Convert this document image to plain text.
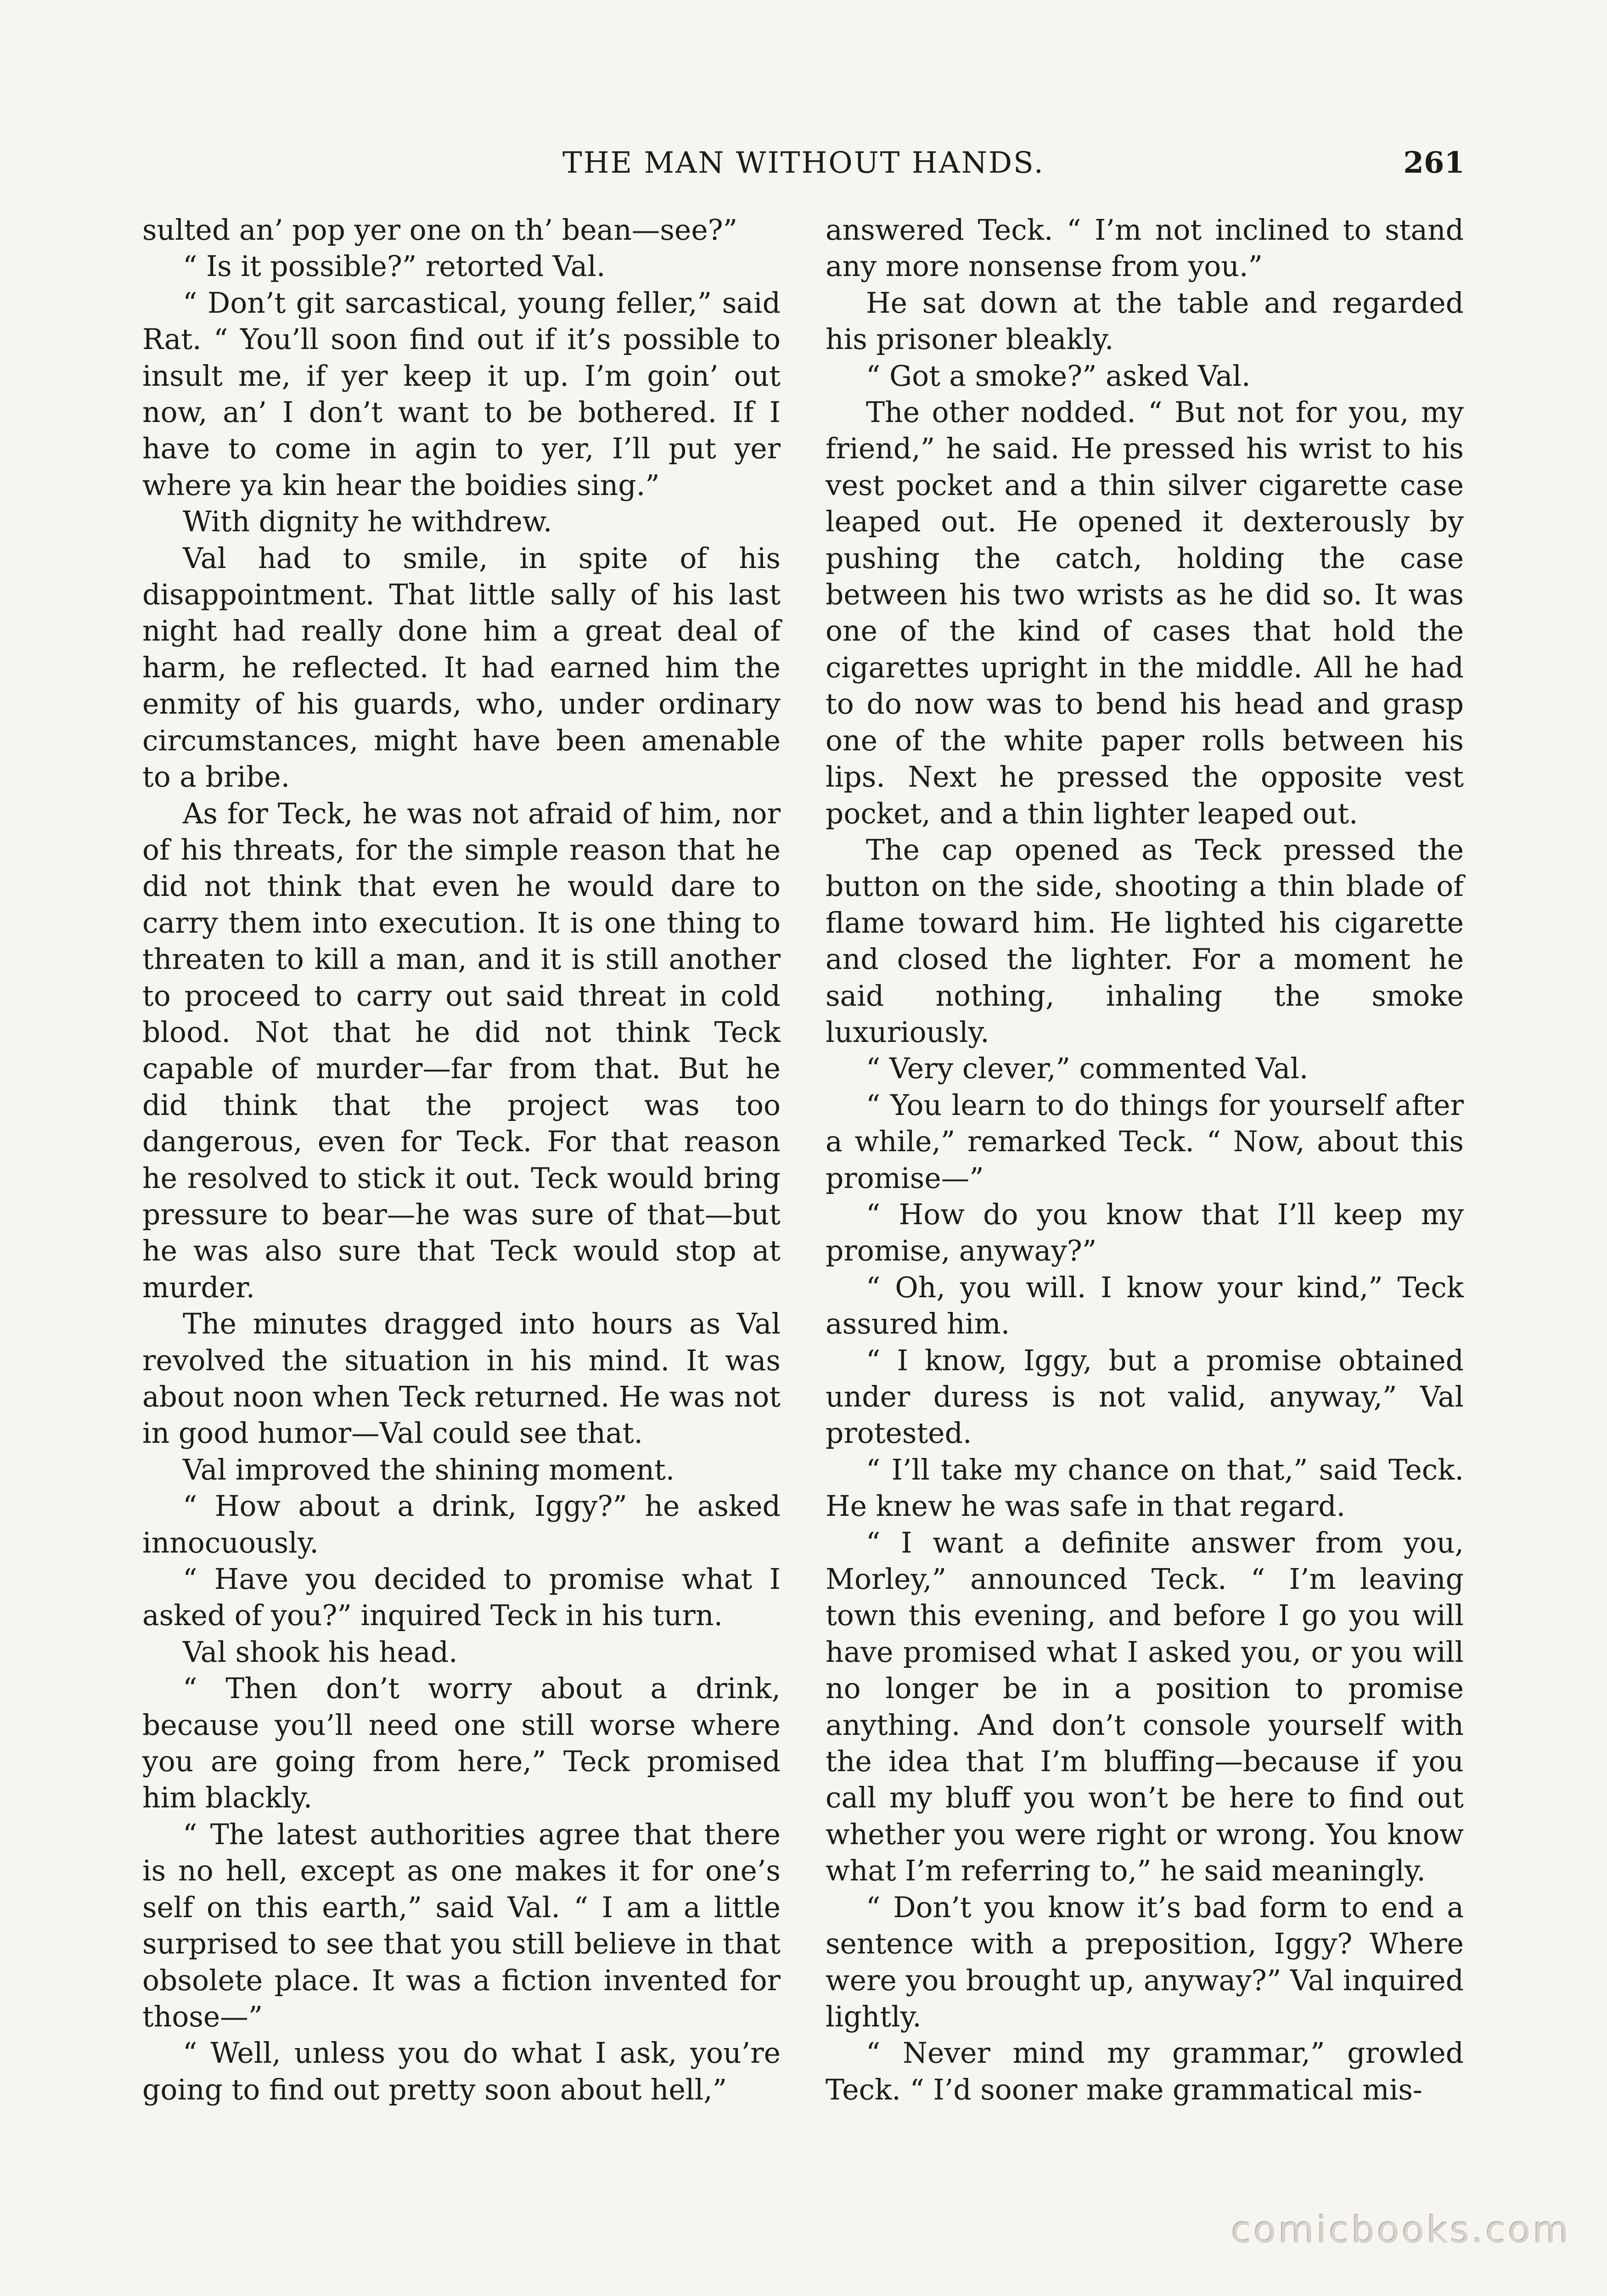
THE MAN WITHOUT HANDS.	261

sulted an’ pop yer one on th’ bean—see?”

“ Is it possible?” retorted Val.

“ Don’t git sarcastical, young feller,” said Rat. “ You’ll soon find out if it’s possible to insult me, if yer keep it up. I’m goin’ out now, an’ I don’t want to be bothered. If I have to come in agin to yer, I’ll put yer where ya kin hear the boidies sing.”

With dignity he withdrew.

Val had to smile, in spite of his disappointment. That little sally of his last night had really done him a great deal of harm, he reflected. It had earned him the enmity of his guards, who, under ordinary circumstances, might have been amenable to a bribe.

As for Teck, he was not afraid of him, nor of his threats, for the simple reason that he did not think that even he would dare to carry them into execution. It is one thing to threaten to kill a man, and it is still another to proceed to carry out said threat in cold blood. Not that he did not think Teck capable of murder—far from that. But he did think that the project was too dangerous, even for Teck. For that reason he resolved to stick it out. Teck would bring pressure to bear—he was sure of that—but he was also sure that Teck would stop at murder.

The minutes dragged into hours as Val revolved the situation in his mind. It was about noon when Teck returned. He was not in good humor—Val could see that.

Val improved the shining moment.

“ How about a drink, Iggy?” he asked innocuously.

“ Have you decided to promise what I asked of you?” inquired Teck in his turn.

Val shook his head.

“ Then don’t worry about a drink, because you’ll need one still worse where you are going from here,” Teck promised him blackly.

“ The latest authorities agree that there is no hell, except as one makes it for one’s self on this earth,” said Val. “ I am a little surprised to see that you still believe in that obsolete place. It was a fiction invented for those—”

“ Well, unless you do what I ask, you’re going to find out pretty soon about hell,”

answered Teck. “ I’m not inclined to stand any more nonsense from you.”

He sat down at the table and regarded his prisoner bleakly.

“ Got a smoke?” asked Val.

The other nodded. “ But not for you, my friend,” he said. He pressed his wrist to his vest pocket and a thin silver cigarette case leaped out. He opened it dexterously by pushing the catch, holding the case between his two wrists as he did so. It was one of the kind of cases that hold the cigarettes upright in the middle. All he had to do now was to bend his head and grasp one of the white paper rolls between his lips. Next he pressed the opposite vest pocket, and a thin lighter leaped out.

The cap opened as Teck pressed the button on the side, shooting a thin blade of flame toward him. He lighted his cigarette and closed the lighter. For a moment he said nothing, inhaling the smoke luxuriously.

“ Very clever,” commented Val.

“ You learn to do things for yourself after a while,” remarked Teck. “ Now, about this promise—”

“ How do you know that I’ll keep my promise, anyway?”

“ Oh, you will. I know your kind,” Teck assured him.

“ I know, Iggy, but a promise obtained under duress is not valid, anyway,” Val protested.

“ I’ll take my chance on that,” said Teck. He knew he was safe in that regard.

“ I want a definite answer from you, Morley,” announced Teck. “ I’m leaving town this evening, and before I go you will have promised what I asked you, or you will no longer be in a position to promise anything. And don’t console yourself with the idea that I’m bluffing—because if you call my bluff you won’t be here to find out whether you were right or wrong. You know what I’m referring to,” he said meaningly.

“ Don’t you know it’s bad form to end a sentence with a preposition, Iggy? Where were you brought up, anyway?” Val inquired lightly.

“ Never mind my grammar,” growled Teck. “ I’d sooner make grammatical mis-

comicbooks.com
